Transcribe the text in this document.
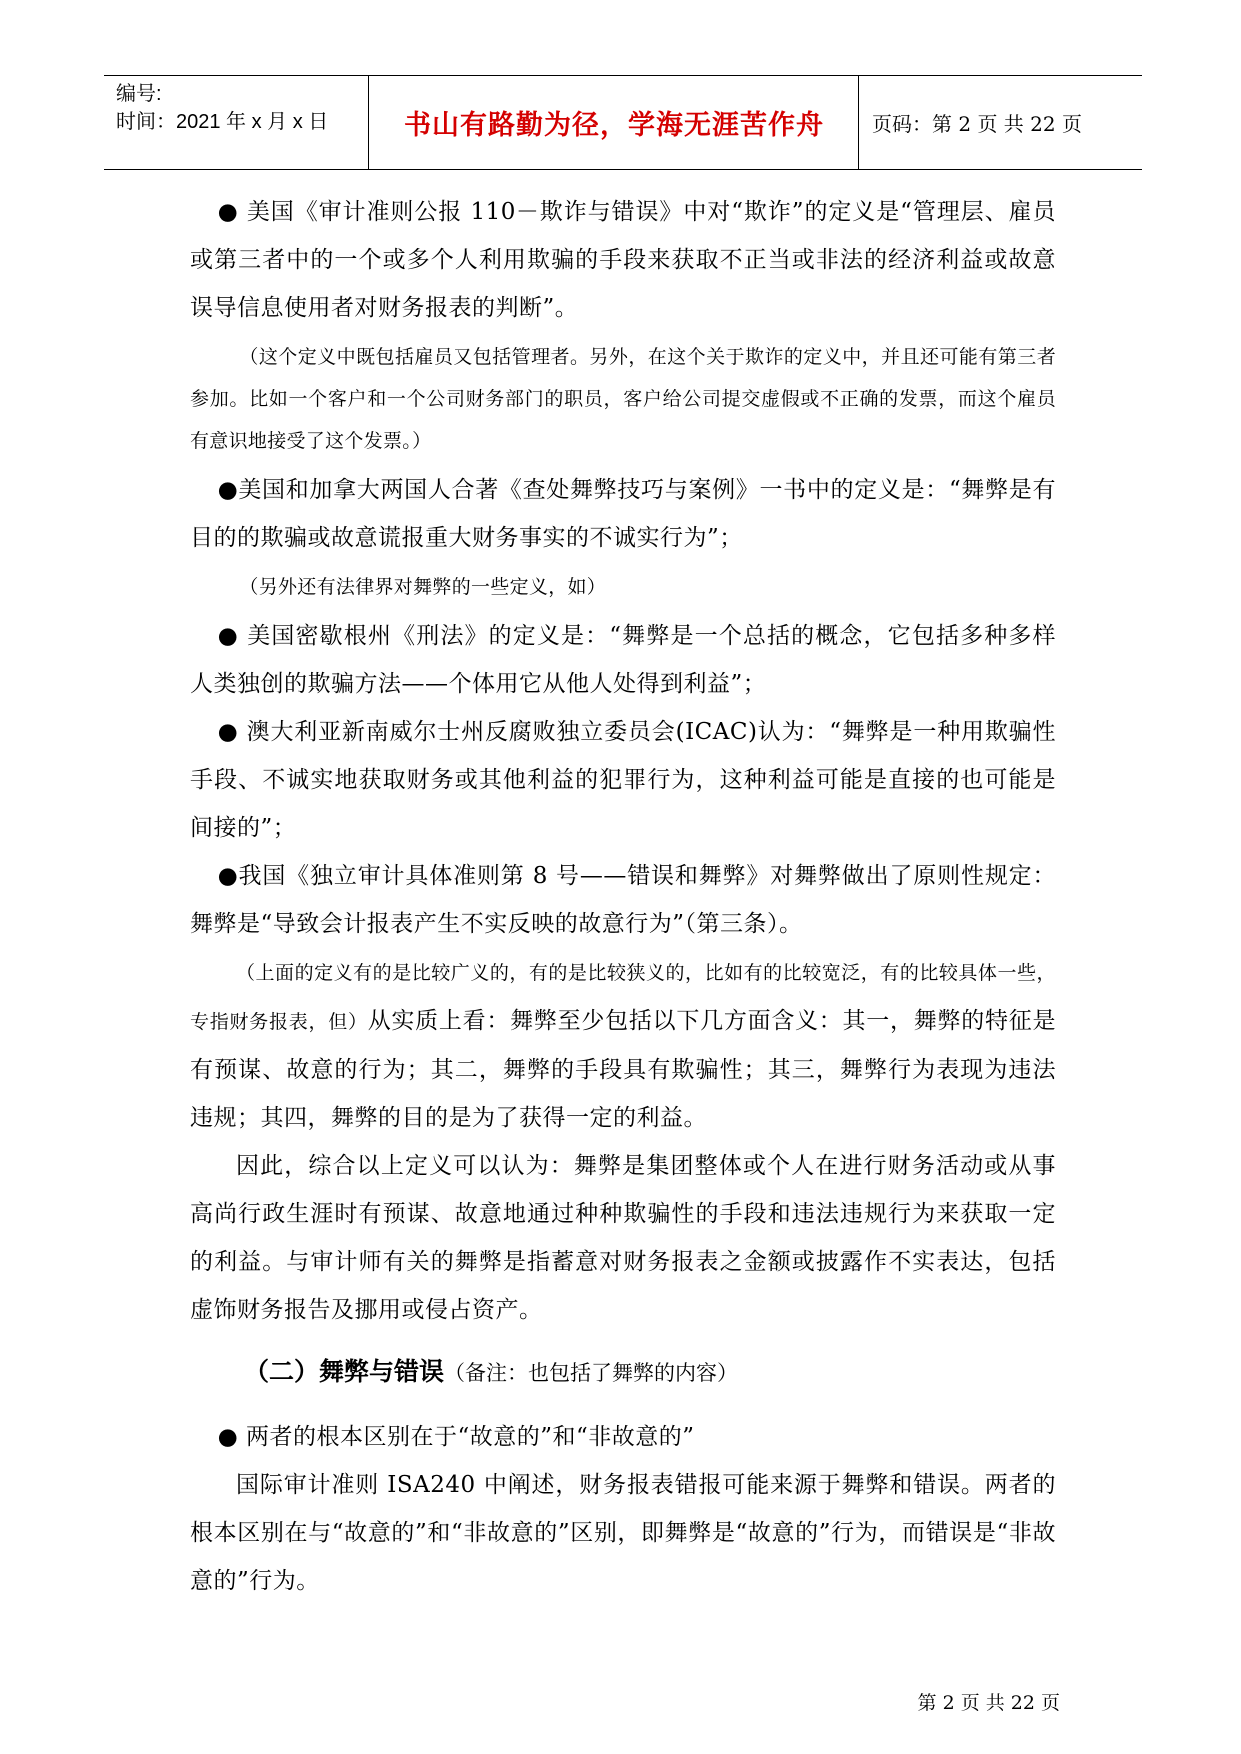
编号:
时间：2021 年 x 月 x 日	书山有路勤为径，学海无涯苦作舟	页码：第 2 页 共 22 页

● 美国《审计准则公报 110－欺诈与错误》中对“欺诈”的定义是“管理层、雇员或第三者中的一个或多个人利用欺骗的手段来获取不正当或非法的经济利益或故意误导信息使用者对财务报表的判断”。

（这个定义中既包括雇员又包括管理者。另外，在这个关于欺诈的定义中，并且还可能有第三者参加。比如一个客户和一个公司财务部门的职员，客户给公司提交虚假或不正确的发票，而这个雇员有意识地接受了这个发票。）

●美国和加拿大两国人合著《查处舞弊技巧与案例》一书中的定义是：“舞弊是有目的的欺骗或故意谎报重大财务事实的不诚实行为”；

（另外还有法律界对舞弊的一些定义，如）

● 美国密歇根州《刑法》的定义是：“舞弊是一个总括的概念，它包括多种多样人类独创的欺骗方法——个体用它从他人处得到利益”；

● 澳大利亚新南威尔士州反腐败独立委员会(ICAC)认为：“舞弊是一种用欺骗性手段、不诚实地获取财务或其他利益的犯罪行为，这种利益可能是直接的也可能是间接的”；

●我国《独立审计具体准则第 8 号——错误和舞弊》对舞弊做出了原则性规定：舞弊是“导致会计报表产生不实反映的故意行为”（第三条）。

（上面的定义有的是比较广义的，有的是比较狭义的，比如有的比较宽泛，有的比较具体一些，专指财务报表，但）从实质上看：舞弊至少包括以下几方面含义：其一，舞弊的特征是有预谋、故意的行为；其二，舞弊的手段具有欺骗性；其三，舞弊行为表现为违法违规；其四，舞弊的目的是为了获得一定的利益。

因此，综合以上定义可以认为：舞弊是集团整体或个人在进行财务活动或从事高尚行政生涯时有预谋、故意地通过种种欺骗性的手段和违法违规行为来获取一定的利益。与审计师有关的舞弊是指蓄意对财务报表之金额或披露作不实表达，包括虚饰财务报告及挪用或侵占资产。

（二）舞弊与错误（备注：也包括了舞弊的内容）

● 两者的根本区别在于“故意的”和“非故意的”

国际审计准则 ISA240 中阐述，财务报表错报可能来源于舞弊和错误。两者的根本区别在与“故意的”和“非故意的”区别，即舞弊是“故意的”行为，而错误是“非故意的”行为。

第 2 页 共 22 页
